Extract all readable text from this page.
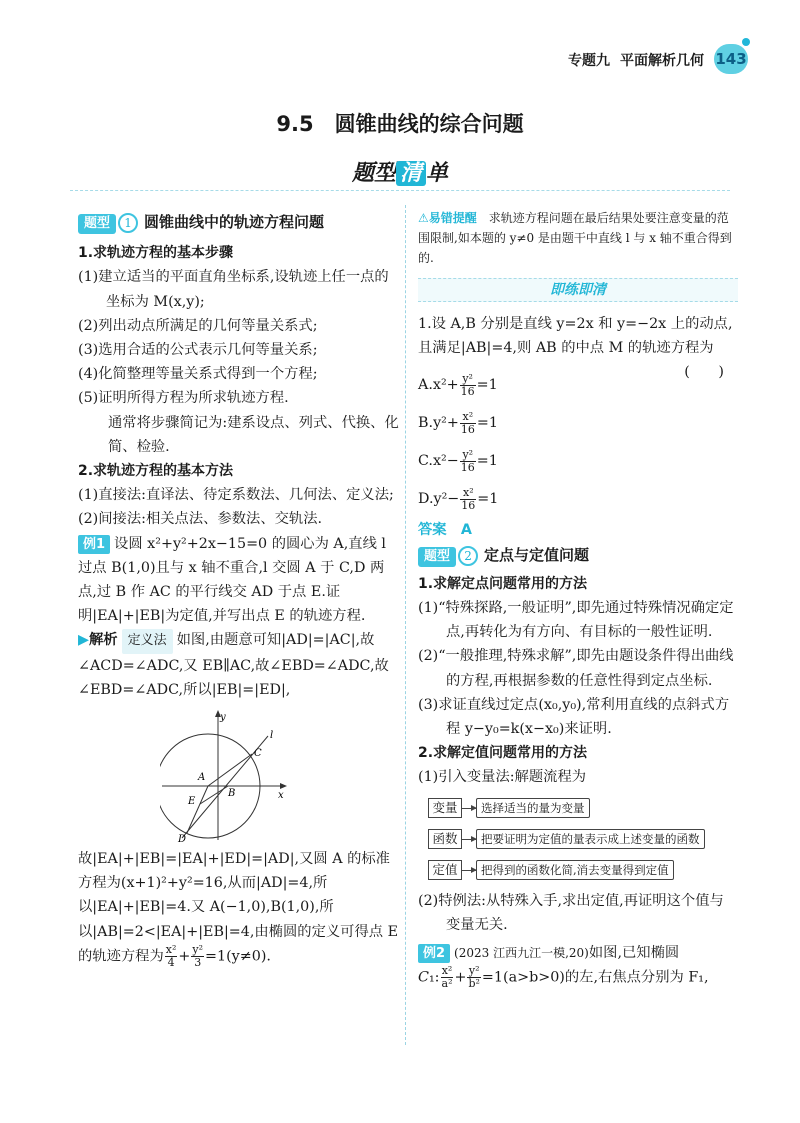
专题九 平面解析几何 143
9.5　圆锥曲线的综合问题
题型 清 单

题型 1 圆锥曲线中的轨迹方程问题

1.求轨迹方程的基本步骤

(1)建立适当的平面直角坐标系,设轨迹上任一点的坐标为 M(x,y);

(2)列出动点所满足的几何等量关系式;

(3)选用合适的公式表示几何等量关系;

(4)化简整理等量关系式得到一个方程;

(5)证明所得方程为所求轨迹方程.

通常将步骤简记为:建系设点、列式、代换、化简、检验.

2.求轨迹方程的基本方法

(1)直接法:直译法、待定系数法、几何法、定义法;

(2)间接法:相关点法、参数法、交轨法.

例1 设圆 x²+y²+2x−15=0 的圆心为 A,直线 l 过点 B(1,0)且与 x 轴不重合,l 交圆 A 于 C,D 两点,过 B 作 AC 的平行线交 AD 于点 E.证明|EA|+|EB|为定值,并写出点 E 的轨迹方程.

▶解析 定义法 如图,由题意可知|AD|=|AC|,故∠ACD=∠ADC,又 EB∥AC,故∠EBD=∠ADC,故∠EBD=∠ADC,所以|EB|=|ED|,

y
x
l
A
B
C
D
E

故|EA|+|EB|=|EA|+|ED|=|AD|,又圆 A 的标准方程为(x+1)²+y²=16,从而|AD|=4,所以|EA|+|EB|=4.又 A(−1,0),B(1,0),所以|AB|=2<|EA|+|EB|=4,由椭圆的定义可得点 E 的轨迹方程为 $\frac{\text{x²}}{4} + \frac{\text{y²}}{3} =1(y\ne 0)$.

⚠易错提醒　 求轨迹方程问题在最后结果处要注意变量的范围限制,如本题的 y≠0 是由题干中直线 l 与 x 轴不重合得到的.

即练即清

1.设 A,B 分别是直线 y=2x 和 y=−2x 上的动点,且满足|AB|=4,则 AB 的中点 M 的轨迹方程为
(　　)

$A.x^2+ \frac{\text{y²}}{16} =1$
$B.y^2+ \frac{\text{x²}}{16} =1$
$C.x^2- \frac{\text{y²}}{16} =1$
$D.y^2- \frac{\text{x²}}{16} =1$

答案　 A

题型 2 定点与定值问题

1.求解定点问题常用的方法

(1)“特殊探路,一般证明”,即先通过特殊情况确定定点,再转化为有方向、有目标的一般性证明.

(2)“一般推理,特殊求解”,即先由题设条件得出曲线的方程,再根据参数的任意性得到定点坐标.

(3)求证直线过定点(x₀,y₀),常利用直线的点斜式方程 y−y₀=k(x−x₀)来证明.

2.求解定值问题常用的方法

(1)引入变量法:解题流程为

变量	选择适当的量为变量
函数	把要证明为定值的量表示成上述变量的函数
定值	把得到的函数化简,消去变量得到定值

(2)特例法:从特殊入手,求出定值,再证明这个值与变量无关.

例2 (2023 江西九江一模,20)如图,已知椭圆

C₁: $\frac{\text{x²}}{\text{a²}} + \frac{\text{y²}}{\text{b²}} =1(a>b>0)$的左,右焦点分别为 F₁,
